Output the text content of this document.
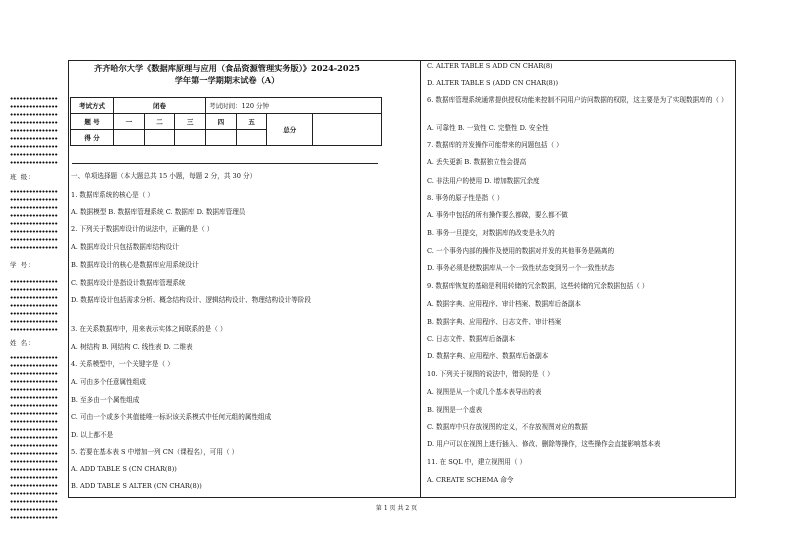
班 级：
学 号：
姓 名：
齐齐哈尔大学《数据库原理与应用（食品资源管理实务版）》2024-2025
学年第一学期期末试卷（A）
考试方式	闭卷			考试时间：120 分钟			
题 号	一	二	三	四	五	总分	
得 分							
一、单项选择题（本大题总共 15 小题，每题 2 分，共 30 分）
1. 数据库系统的核心是（ ）
A. 数据模型 B. 数据库管理系统 C. 数据库 D. 数据库管理员
2. 下列关于数据库设计的说法中，正确的是（ ）
A. 数据库设计只包括数据库结构设计
B. 数据库设计的核心是数据库应用系统设计
C. 数据库设计是指设计数据库管理系统
D. 数据库设计包括需求分析、概念结构设计、逻辑结构设计、物理结构设计等阶段
3. 在关系数据库中，用来表示实体之间联系的是（ ）
A. 树结构 B. 网结构 C. 线性表 D. 二维表
4. 关系模型中，一个关键字是（ ）
A. 可由多个任意属性组成
B. 至多由一个属性组成
C. 可由一个或多个其值能唯一标识该关系模式中任何元组的属性组成
D. 以上都不是
5. 若要在基本表 S 中增加一列 CN（课程名），可用（ ）
A. ADD TABLE S (CN CHAR(8))
B. ADD TABLE S ALTER (CN CHAR(8))
C. ALTER TABLE S ADD CN CHAR(8)
D. ALTER TABLE S (ADD CN CHAR(8))
6. 数据库管理系统通常提供授权功能来控制不同用户访问数据的权限，这主要是为了实现数据库的（ ）
A. 可靠性 B. 一致性 C. 完整性 D. 安全性
7. 数据库的并发操作可能带来的问题包括（ ）
A. 丢失更新 B. 数据独立性会提高
C. 非法用户的使用 D. 增加数据冗余度
8. 事务的原子性是指（ ）
A. 事务中包括的所有操作要么都做，要么都不做
B. 事务一旦提交，对数据库的改变是永久的
C. 一个事务内部的操作及使用的数据对并发的其他事务是隔离的
D. 事务必须是使数据库从一个一致性状态变到另一个一致性状态
9. 数据库恢复的基础是利用转储的冗余数据，这些转储的冗余数据包括（ ）
A. 数据字典、应用程序、审计档案、数据库后备副本
B. 数据字典、应用程序、日志文件、审计档案
C. 日志文件、数据库后备副本
D. 数据字典、应用程序、数据库后备副本
10. 下列关于视图的说法中，错误的是（ ）
A. 视图是从一个或几个基本表导出的表
B. 视图是一个虚表
C. 数据库中只存放视图的定义，不存放视图对应的数据
D. 用户可以在视图上进行插入、修改、删除等操作，这些操作会直接影响基本表
11. 在 SQL 中，建立视图用（ ）
A. CREATE SCHEMA 命令
第 1 页 共 2 页
